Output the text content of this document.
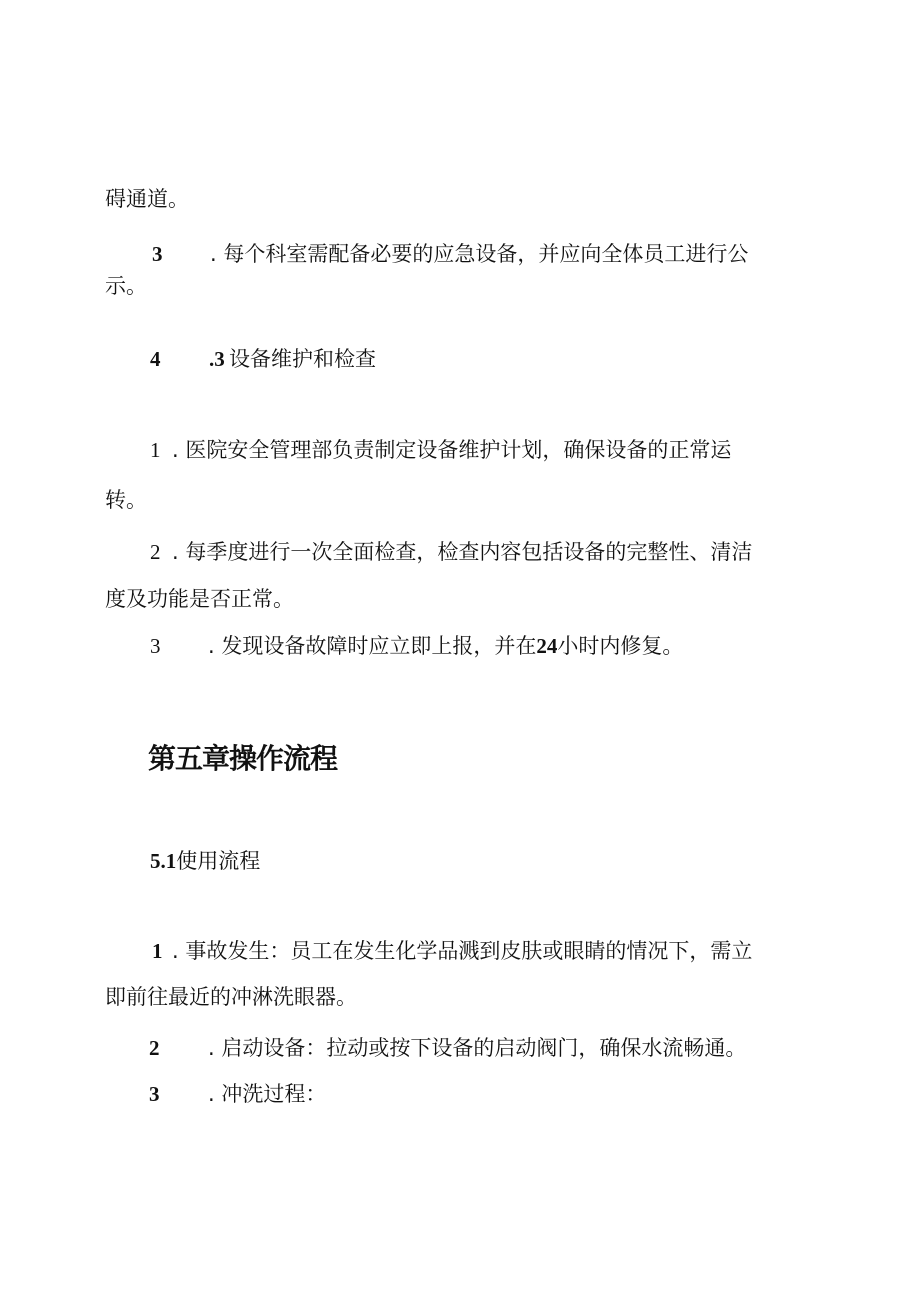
碍通道。
3 . 每个科室需配备必要的应急设备，并应向全体员工进行公
示。
4 .3 设备维护和检查
1 . 医院安全管理部负责制定设备维护计划，确保设备的正常运
转。
2 . 每季度进行一次全面检查，检查内容包括设备的完整性、清洁
度及功能是否正常。
3 . 发现设备故障时应立即上报，并在24小时内修复。
第五章操作流程
5.1使用流程
1 . 事故发生：员工在发生化学品溅到皮肤或眼睛的情况下，需立
即前往最近的冲淋洗眼器。
2 . 启动设备：拉动或按下设备的启动阀门，确保水流畅通。
3 . 冲洗过程：
